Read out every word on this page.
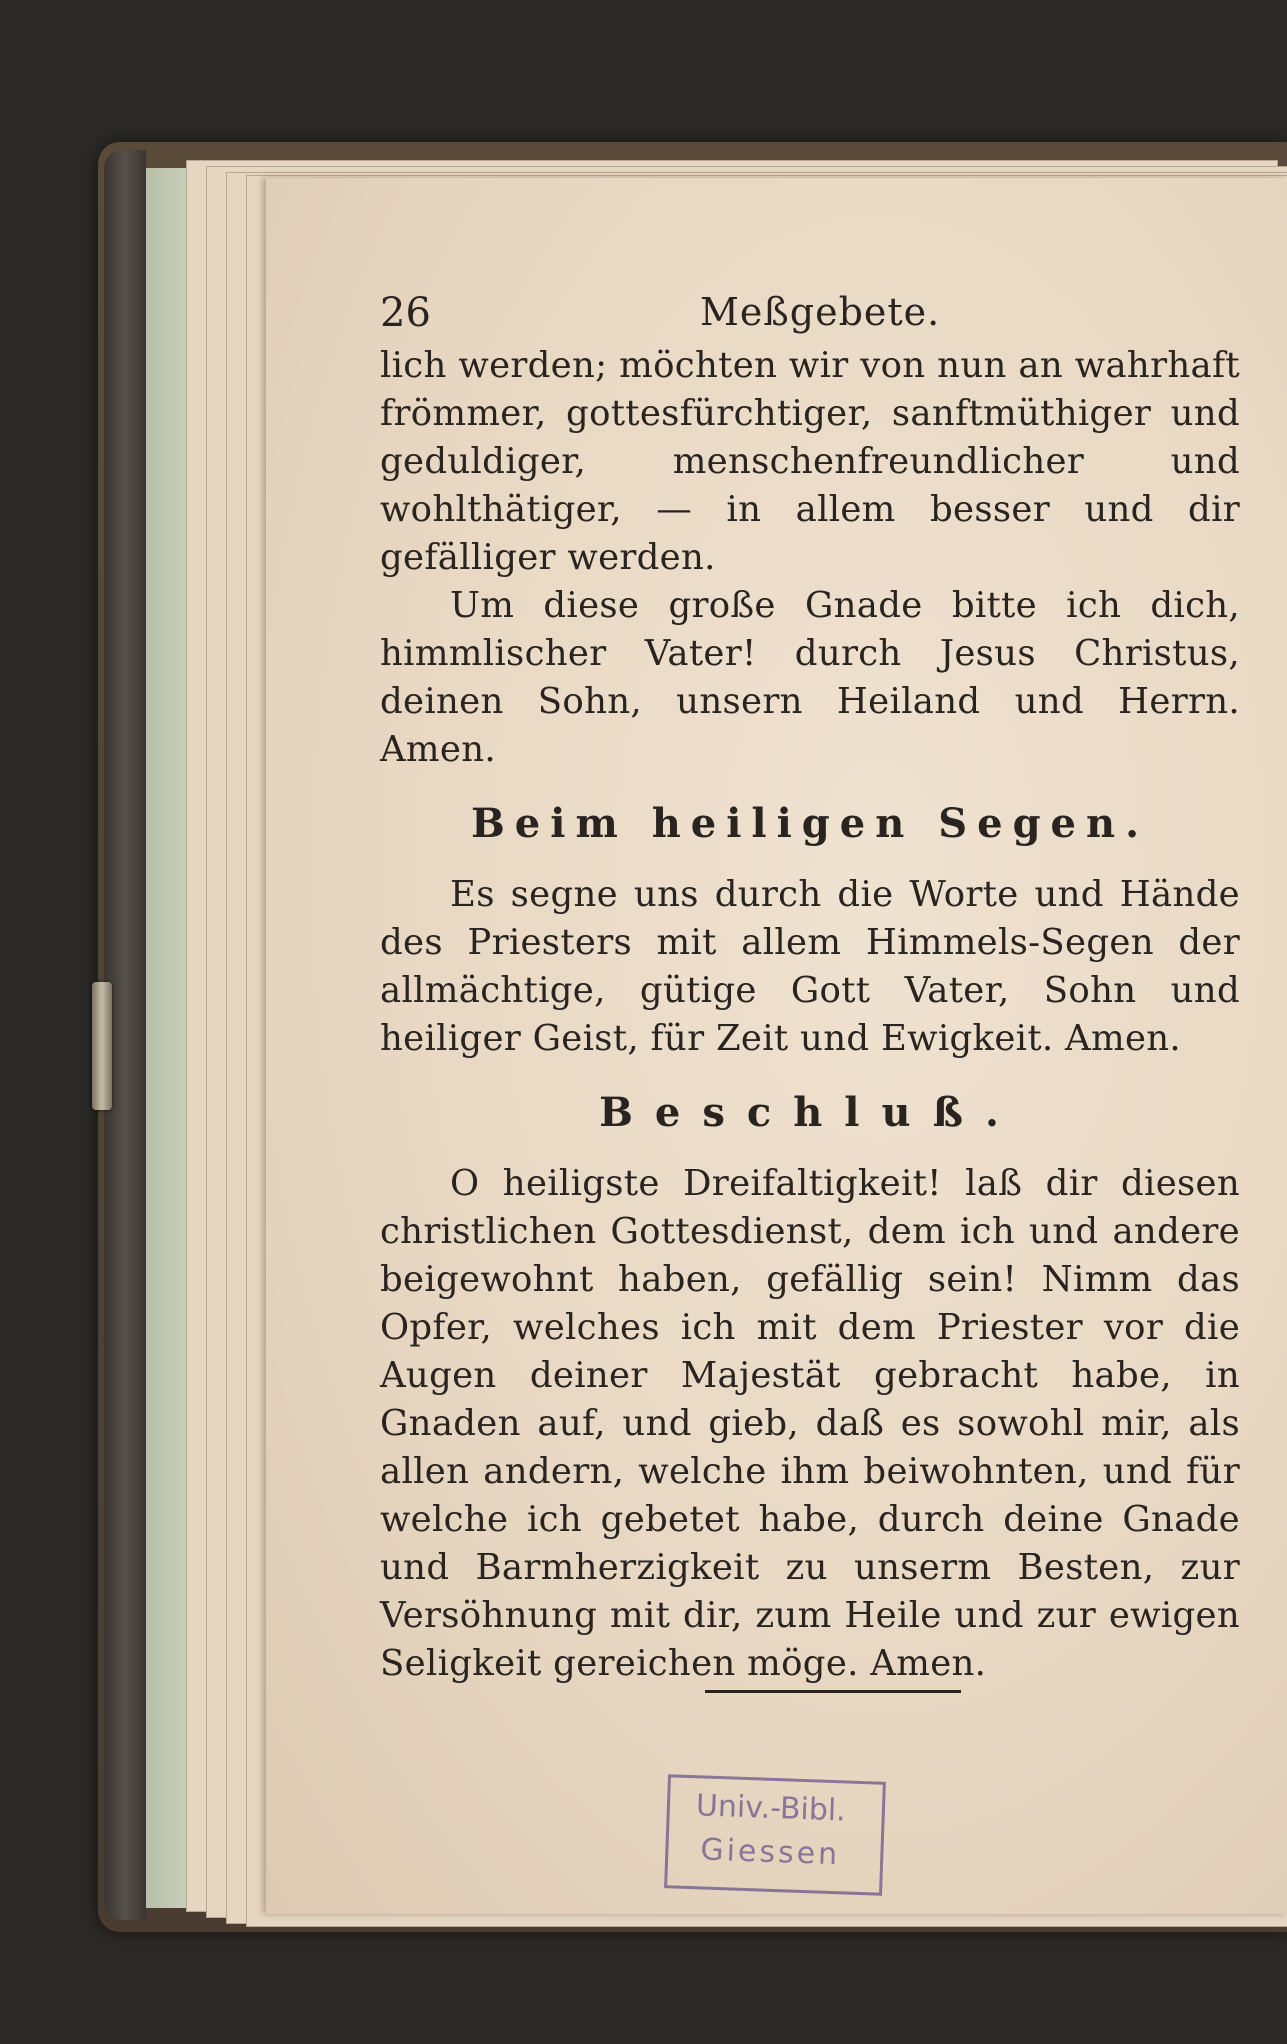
26	Meßgebete.

lich werden; möchten wir von nun an wahrhaft frömmer, gottesfürchtiger, sanftmüthiger und geduldiger, menschenfreundlicher und wohlthätiger, — in allem besser und dir gefälliger werden.

Um diese große Gnade bitte ich dich, himmlischer Vater! durch Jesus Christus, deinen Sohn, unsern Heiland und Herrn. Amen.

Beim heiligen Segen.

Es segne uns durch die Worte und Hände des Priesters mit allem Himmels-Segen der allmächtige, gütige Gott Vater, Sohn und heiliger Geist, für Zeit und Ewigkeit. Amen.

Beschluß.

O heiligste Dreifaltigkeit! laß dir diesen christlichen Gottesdienst, dem ich und andere beigewohnt haben, gefällig sein! Nimm das Opfer, welches ich mit dem Priester vor die Augen deiner Majestät gebracht habe, in Gnaden auf, und gieb, daß es sowohl mir, als allen andern, welche ihm beiwohnten, und für welche ich gebetet habe, durch deine Gnade und Barmherzigkeit zu unserm Besten, zur Versöhnung mit dir, zum Heile und zur ewigen Seligkeit gereichen möge. Amen.

Univ.-Bibl.
Giessen
